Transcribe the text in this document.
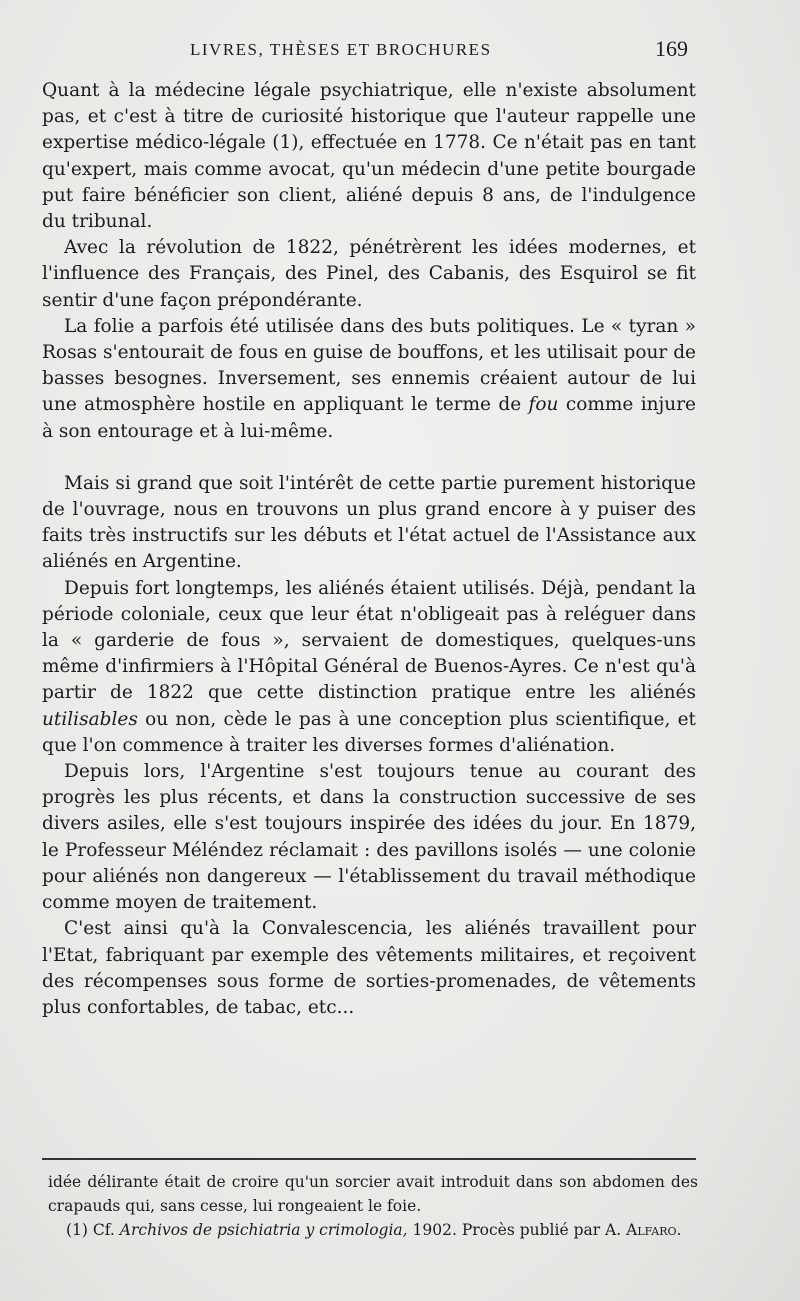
LIVRES, THÈSES ET BROCHURES	169

Quant à la médecine légale psychiatrique, elle n'existe absolument pas, et c'est à titre de curiosité historique que l'auteur rappelle une expertise médico-légale (1), effectuée en 1778. Ce n'était pas en tant qu'expert, mais comme avocat, qu'un médecin d'une petite bourgade put faire bénéficier son client, aliéné depuis 8 ans, de l'indulgence du tribunal.

Avec la révolution de 1822, pénétrèrent les idées modernes, et l'influence des Français, des Pinel, des Cabanis, des Esquirol se fit sentir d'une façon prépondérante.

La folie a parfois été utilisée dans des buts politiques. Le « tyran » Rosas s'entourait de fous en guise de bouffons, et les utilisait pour de basses besognes. Inversement, ses ennemis créaient autour de lui une atmosphère hostile en appliquant le terme de fou comme injure à son entourage et à lui-même.

Mais si grand que soit l'intérêt de cette partie purement historique de l'ouvrage, nous en trouvons un plus grand encore à y puiser des faits très instructifs sur les débuts et l'état actuel de l'Assistance aux aliénés en Argentine.

Depuis fort longtemps, les aliénés étaient utilisés. Déjà, pendant la période coloniale, ceux que leur état n'obligeait pas à reléguer dans la « garderie de fous », servaient de domestiques, quelques-uns même d'infirmiers à l'Hôpital Général de Buenos-Ayres. Ce n'est qu'à partir de 1822 que cette distinction pratique entre les aliénés utilisables ou non, cède le pas à une conception plus scientifique, et que l'on commence à traiter les diverses formes d'aliénation.

Depuis lors, l'Argentine s'est toujours tenue au courant des progrès les plus récents, et dans la construction successive de ses divers asiles, elle s'est toujours inspirée des idées du jour. En 1879, le Professeur Méléndez réclamait : des pavillons isolés — une colonie pour aliénés non dangereux — l'établissement du travail méthodique comme moyen de traitement.

C'est ainsi qu'à la Convalescencia, les aliénés travaillent pour l'Etat, fabriquant par exemple des vêtements militaires, et reçoivent des récompenses sous forme de sorties-promenades, de vêtements plus confortables, de tabac, etc...

idée délirante était de croire qu'un sorcier avait introduit dans son abdomen des crapauds qui, sans cesse, lui rongeaient le foie.

(1) Cf. Archivos de psichiatria y crimologia, 1902. Procès publié par A. Alfaro.
